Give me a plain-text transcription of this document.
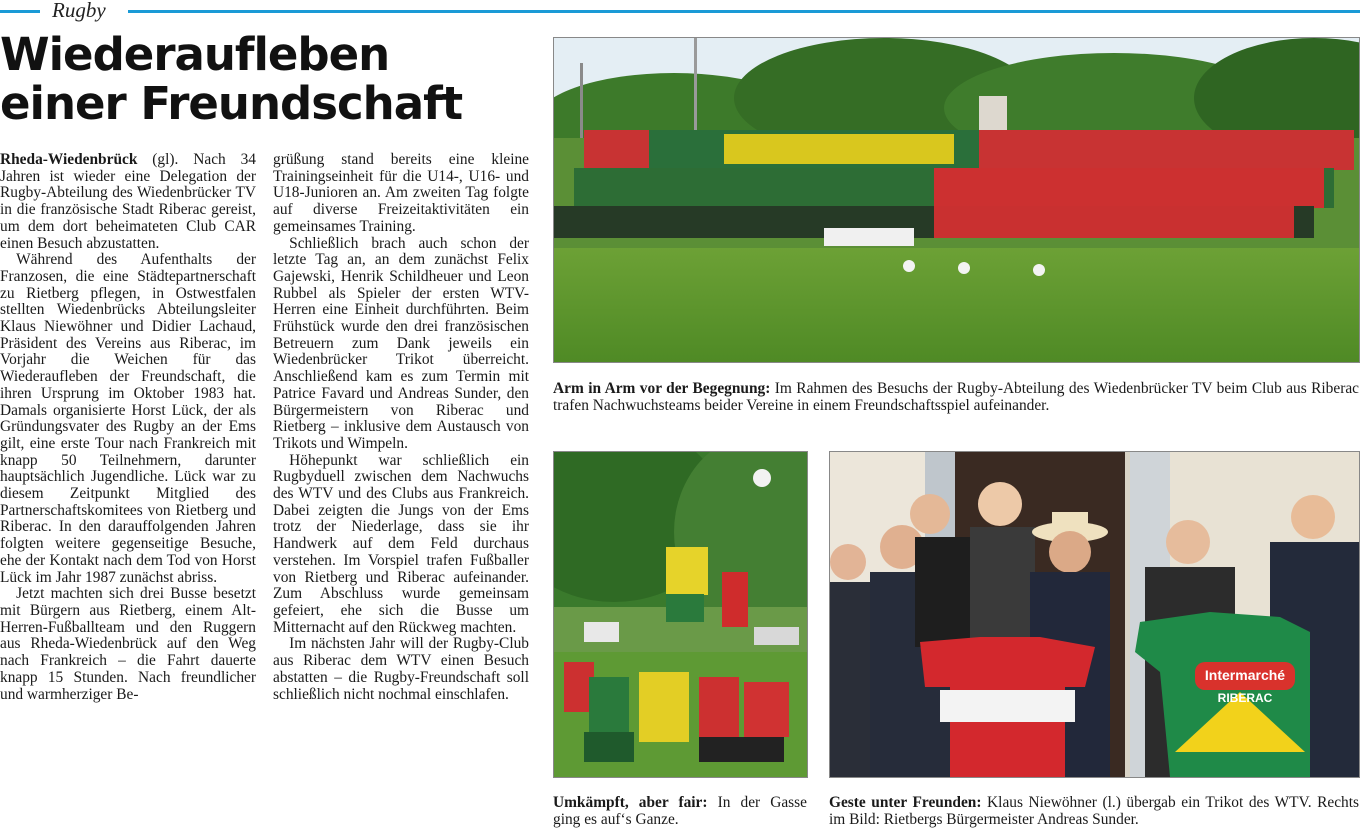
Rugby
Wiederaufleben
einer Freundschaft

Rheda-Wiedenbrück (gl). Nach 34 Jahren ist wieder eine Delegation der Rugby-Abteilung des Wiedenbrücker TV in die französische Stadt Riberac gereist, um dem dort beheimateten Club CAR einen Besuch abzustatten.

Während des Aufenthalts der Franzosen, die eine Städtepartnerschaft zu Rietberg pflegen, in Ostwestfalen stellten Wiedenbrücks Abteilungsleiter Klaus Niewöhner und Didier Lachaud, Präsident des Vereins aus Riberac, im Vorjahr die Weichen für das Wiederaufleben der Freundschaft, die ihren Ursprung im Oktober 1983 hat. Damals organisierte Horst Lück, der als Gründungsvater des Rugby an der Ems gilt, eine erste Tour nach Frankreich mit knapp 50 Teilnehmern, darunter hauptsächlich Jugendliche. Lück war zu diesem Zeitpunkt Mitglied des Partnerschaftskomitees von Rietberg und Riberac. In den darauffolgenden Jahren folgten weitere gegenseitige Besuche, ehe der Kontakt nach dem Tod von Horst Lück im Jahr 1987 zunächst abriss.

Jetzt machten sich drei Busse besetzt mit Bürgern aus Rietberg, einem Alt-Herren-Fußballteam und den Ruggern aus Rheda-Wiedenbrück auf den Weg nach Frankreich – die Fahrt dauerte knapp 15 Stunden. Nach freundlicher und warmherziger Be-

grüßung stand bereits eine kleine Trainingseinheit für die U14-, U16- und U18-Junioren an. Am zweiten Tag folgte auf diverse Freizeitaktivitäten ein gemeinsames Training.

Schließlich brach auch schon der letzte Tag an, an dem zunächst Felix Gajewski, Henrik Schildheuer und Leon Rubbel als Spieler der ersten WTV-Herren eine Einheit durchführten. Beim Frühstück wurde den drei französischen Betreuern zum Dank jeweils ein Wiedenbrücker Trikot überreicht. Anschließend kam es zum Termin mit Patrice Favard und Andreas Sunder, den Bürgermeistern von Riberac und Rietberg – inklusive dem Austausch von Trikots und Wimpeln.

Höhepunkt war schließlich ein Rugbyduell zwischen dem Nachwuchs des WTV und des Clubs aus Frankreich. Dabei zeigten die Jungs von der Ems trotz der Niederlage, dass sie ihr Handwerk auf dem Feld durchaus verstehen. Im Vorspiel trafen Fußballer von Rietberg und Riberac aufeinander. Zum Abschluss wurde gemeinsam gefeiert, ehe sich die Busse um Mitternacht auf den Rückweg machten.

Im nächsten Jahr will der Rugby-Club aus Riberac dem WTV einen Besuch abstatten – die Rugby-Freundschaft soll schließlich nicht nochmal einschlafen.

Arm in Arm vor der Begegnung: Im Rahmen des Besuchs der Rugby-Abteilung des Wiedenbrücker TV beim Club aus Riberac trafen Nachwuchsteams beider Vereine in einem Freundschaftsspiel aufeinander.

Umkämpft, aber fair: In der Gasse ging es auf‘s Ganze.

Intermarché
RIBERAC

Geste unter Freunden: Klaus Niewöhner (l.) übergab ein Trikot des WTV. Rechts im Bild: Rietbergs Bürgermeister Andreas Sunder.
